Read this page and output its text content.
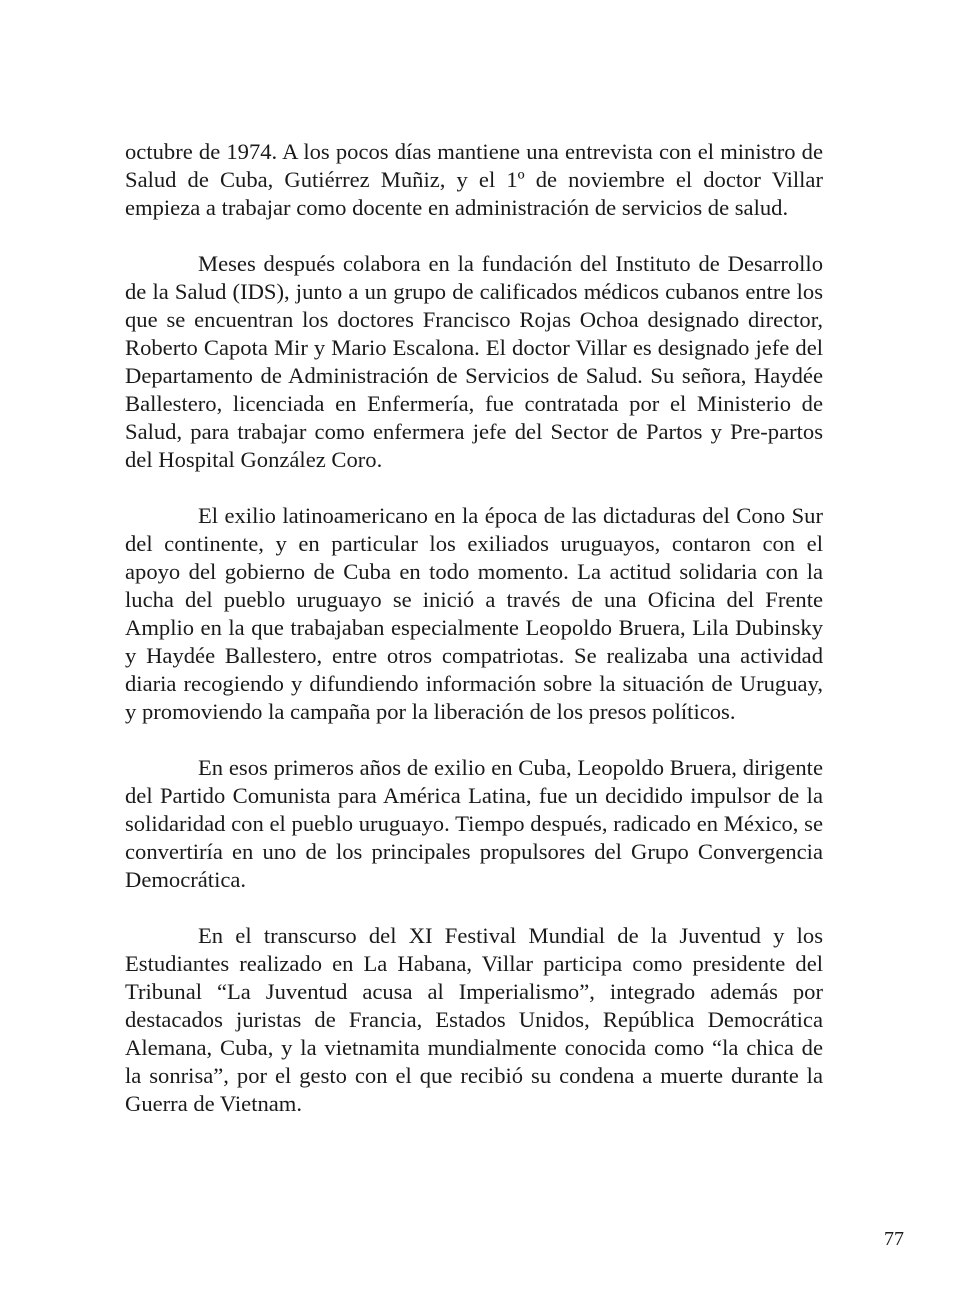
octubre de 1974. A los pocos días mantiene una entrevista con el ministro de Salud de Cuba, Gutiérrez Muñiz, y el 1º de noviembre el doctor Villar empieza a trabajar como docente en administración de servicios de salud.

Meses después colabora en la fundación del Instituto de Desarrollo de la Salud (IDS), junto a un grupo de calificados médicos cubanos entre los que se encuentran los doctores Francisco Rojas Ochoa designado director, Roberto Capota Mir y Mario Escalona. El doctor Villar es designado jefe del Departamento de Administración de Servicios de Salud. Su señora, Haydée Ballestero, licenciada en Enfermería, fue contratada por el Ministerio de Salud, para trabajar como enfermera jefe del Sector de Partos y Pre-partos del Hospital González Coro.

El exilio latinoamericano en la época de las dictaduras del Cono Sur del continente, y en particular los exiliados uruguayos, contaron con el apoyo del gobierno de Cuba en todo momento. La actitud solidaria con la lucha del pueblo uruguayo se inició a través de una Oficina del Frente Amplio en la que trabajaban especialmente Leopoldo Bruera, Lila Dubinsky y Haydée Ballestero, entre otros compatriotas. Se realizaba una actividad diaria recogiendo y difundiendo información sobre la situación de Uruguay, y promoviendo la campaña por la liberación de los presos políticos.

En esos primeros años de exilio en Cuba, Leopoldo Bruera, dirigente del Partido Comunista para América Latina, fue un decidido impulsor de la solidaridad con el pueblo uruguayo. Tiempo después, radicado en México, se convertiría en uno de los principales propulsores del Grupo Convergencia Democrática.

En el transcurso del XI Festival Mundial de la Juventud y los Estudiantes realizado en La Habana, Villar participa como presidente del Tribunal “La Juventud acusa al Imperialismo”, integrado además por destacados juristas de Francia, Estados Unidos, República Democrática Alemana, Cuba, y la vietnamita mundialmente conocida como “la chica de la sonrisa”, por el gesto con el que recibió su condena a muerte durante la Guerra de Vietnam.

77
